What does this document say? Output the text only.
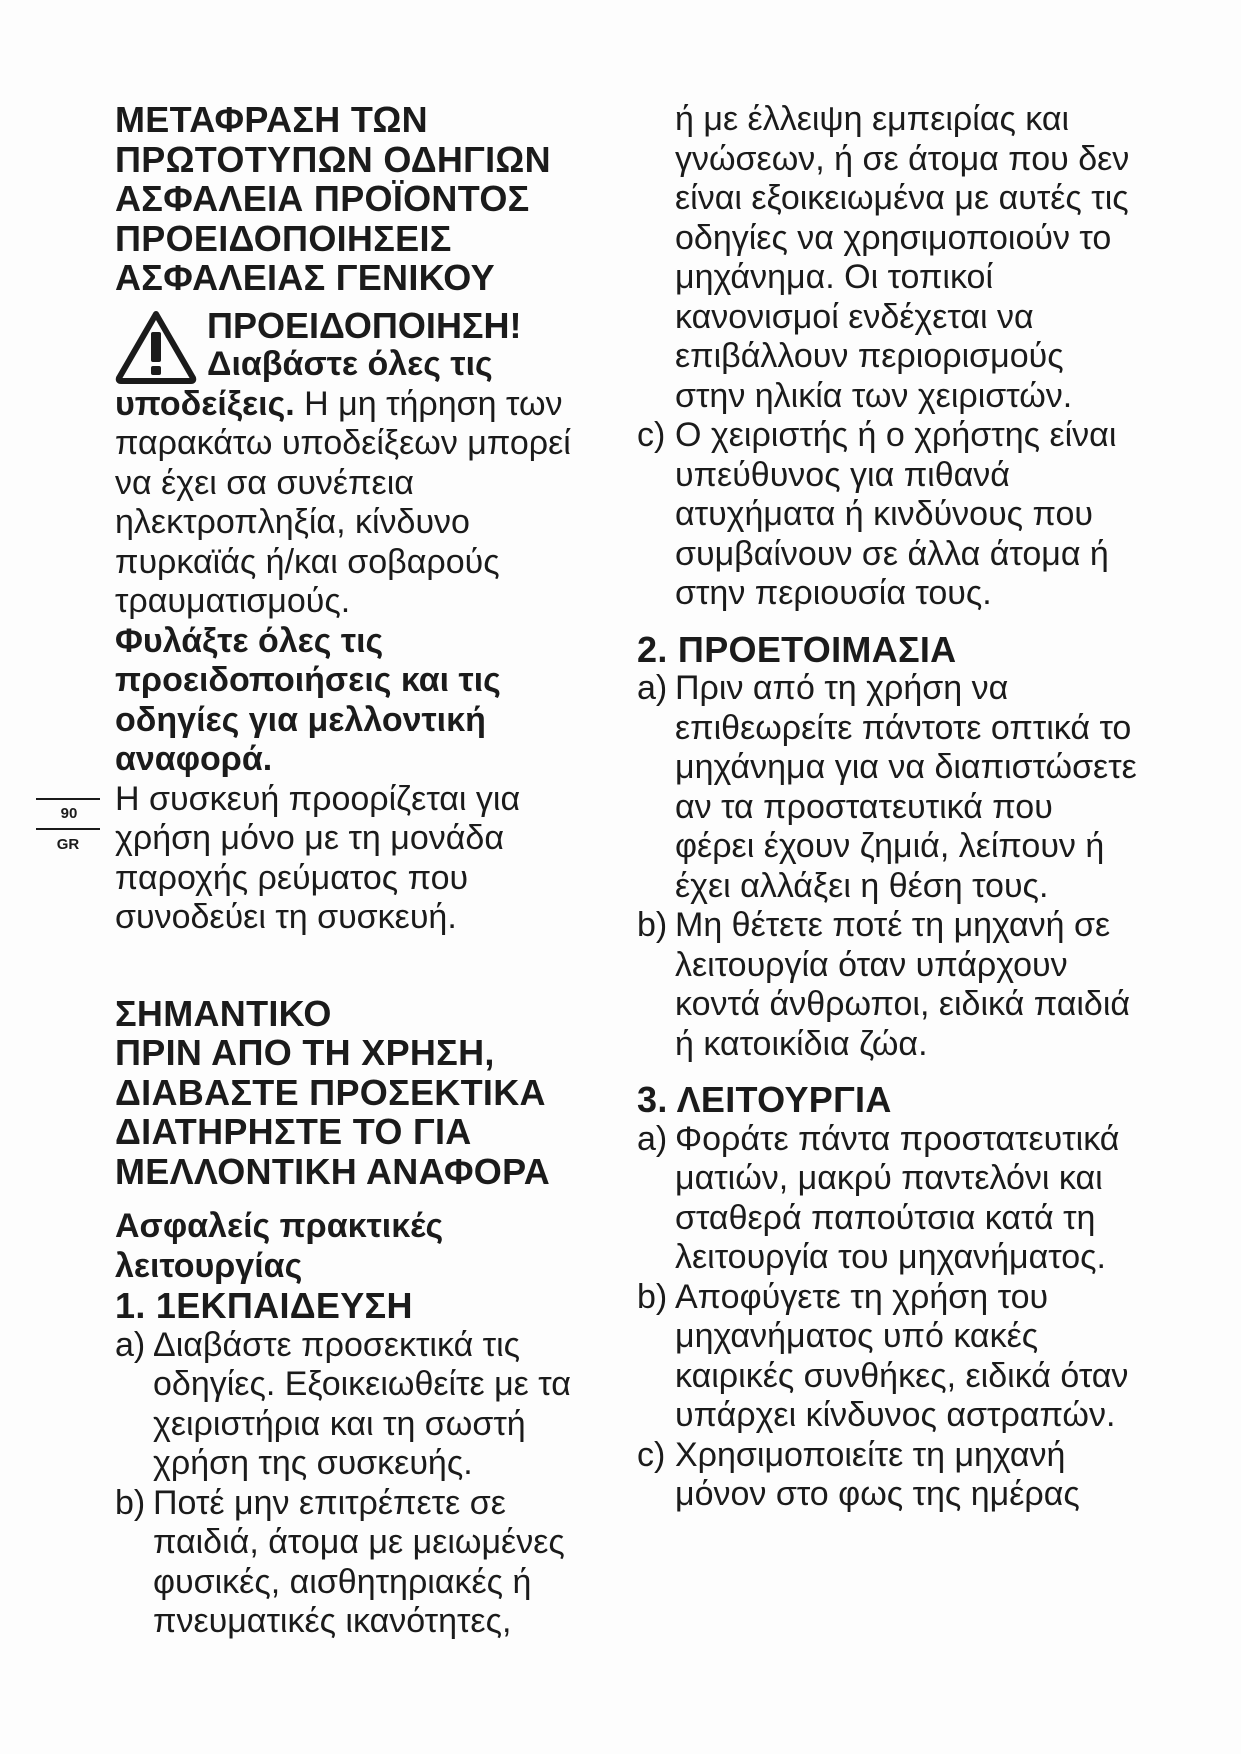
ΜΕΤΑΦΡΑΣΗ ΤΩΝ
ΠΡΩΤΟΤΥΠΩΝ ΟΔΗΓΙΩΝ
ΑΣΦΑΛΕΙΑ ΠΡΟΪΟΝΤΟΣ
ΠΡΟΕΙΔΟΠΟΙΗΣΕΙΣ
ΑΣΦΑΛΕΙΑΣ ΓΕΝΙΚΟΥ
ΠΡΟΕΙΔΟΠΟΙΗΣΗ!
Διαβάστε όλες τις

υποδείξεις. Η μη τήρηση των παρακάτω υποδείξεων μπορεί να έχει σα συνέπεια ηλεκτροπληξία, κίνδυνο πυρκαϊάς ή/και σοβαρούς τραυματισμούς.

Φυλάξτε όλες τις προειδοποιήσεις και τις οδηγίες για μελλοντική αναφορά.

Η συσκευή προορίζεται για χρήση μόνο με τη μονάδα παροχής ρεύματος που συνοδεύει τη συσκευή.

ΣΗΜΑΝΤΙΚΟ
ΠΡΙΝ ΑΠΟ ΤΗ ΧΡΗΣΗ,
ΔΙΑΒΑΣΤΕ ΠΡΟΣΕΚΤΙΚΑ
ΔΙΑΤΗΡΗΣΤΕ ΤΟ ΓΙΑ
ΜΕΛΛΟΝΤΙΚΗ ΑΝΑΦΟΡΑ

Ασφαλείς πρακτικές λειτουργίας

1. 1ΕΚΠΑΙΔΕΥΣΗ

a) Διαβάστε προσεκτικά τις οδηγίες. Εξοικειωθείτε με τα χειριστήρια και τη σωστή χρήση της συσκευής.
b) Ποτέ μην επιτρέπετε σε παιδιά, άτομα με μειωμένες φυσικές, αισθητηριακές ή πνευματικές ικανότητες,

ή με έλλειψη εμπειρίας και γνώσεων, ή σε άτομα που δεν είναι εξοικειωμένα με αυτές τις οδηγίες να χρησιμοποιούν το μηχάνημα. Οι τοπικοί κανονισμοί ενδέχεται να επιβάλλουν περιορισμούς στην ηλικία των χειριστών.

c) Ο χειριστής ή ο χρήστης είναι υπεύθυνος για πιθανά ατυχήματα ή κινδύνους που συμβαίνουν σε άλλα άτομα ή στην περιουσία τους.

2. ΠΡΟΕΤΟΙΜΑΣΙΑ

a) Πριν από τη χρήση να επιθεωρείτε πάντοτε οπτικά το μηχάνημα για να διαπιστώσετε αν τα προστατευτικά που φέρει έχουν ζημιά, λείπουν ή έχει αλλάξει η θέση τους.
b) Μη θέτετε ποτέ τη μηχανή σε λειτουργία όταν υπάρχουν κοντά άνθρωποι, ειδικά παιδιά ή κατοικίδια ζώα.

3. ΛΕΙΤΟΥΡΓΙΑ

a) Φοράτε πάντα προστατευτικά ματιών, μακρύ παντελόνι και σταθερά παπούτσια κατά τη λειτουργία του μηχανήματος.
b) Αποφύγετε τη χρήση του μηχανήματος υπό κακές καιρικές συνθήκες, ειδικά όταν υπάρχει κίνδυνος αστραπών.
c) Χρησιμοποιείτε τη μηχανή μόνον στο φως της ημέρας
90
GR
